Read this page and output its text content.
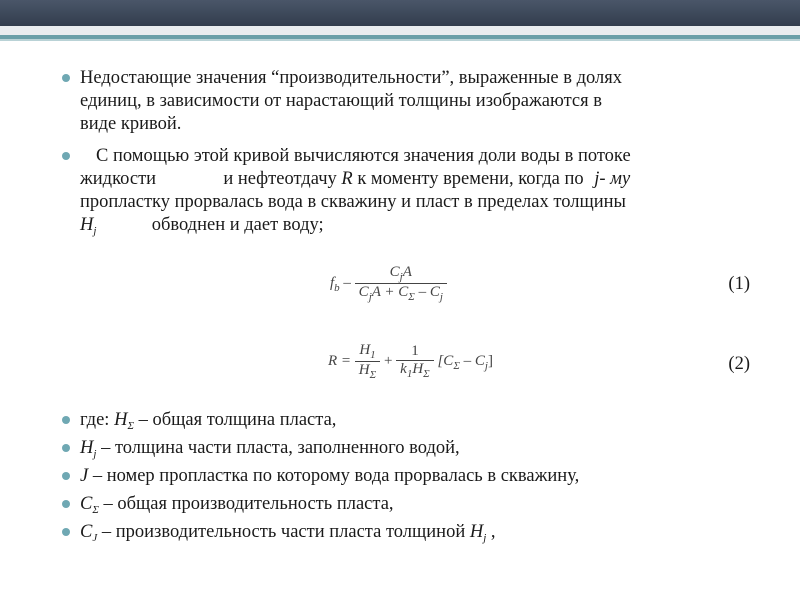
Недостающие значения “производительности”, выраженные в долях
единиц, в зависимости от нарастающий толщины изображаются в
виде кривой.
С помощью этой кривой вычисляются значения доли воды в потоке
жидкости	и нефтеотдачу R к моменту времени, когда по j- му
пропластку прорвалась вода в скважину и пласт в пределах толщины
$H_j$	обводнен и дает воду;
$f_b - \frac{C_jA}{C_jA + C_\Sigma - C_j}$	(1)
$R = \frac{H_1}{H_\Sigma} + \frac{1}{k_1H_\Sigma} [C_\Sigma - C_j]$	(2)
где: $H_\Sigma$ – общая толщина пласта,
$H_j$ – толщина части пласта, заполненного водой,
J – номер пропластка по которому вода прорвалась в скважину,
$C_\Sigma$ – общая производительность пласта,
$C_J$ – производительность части пласта толщиной $H_j$ ,
